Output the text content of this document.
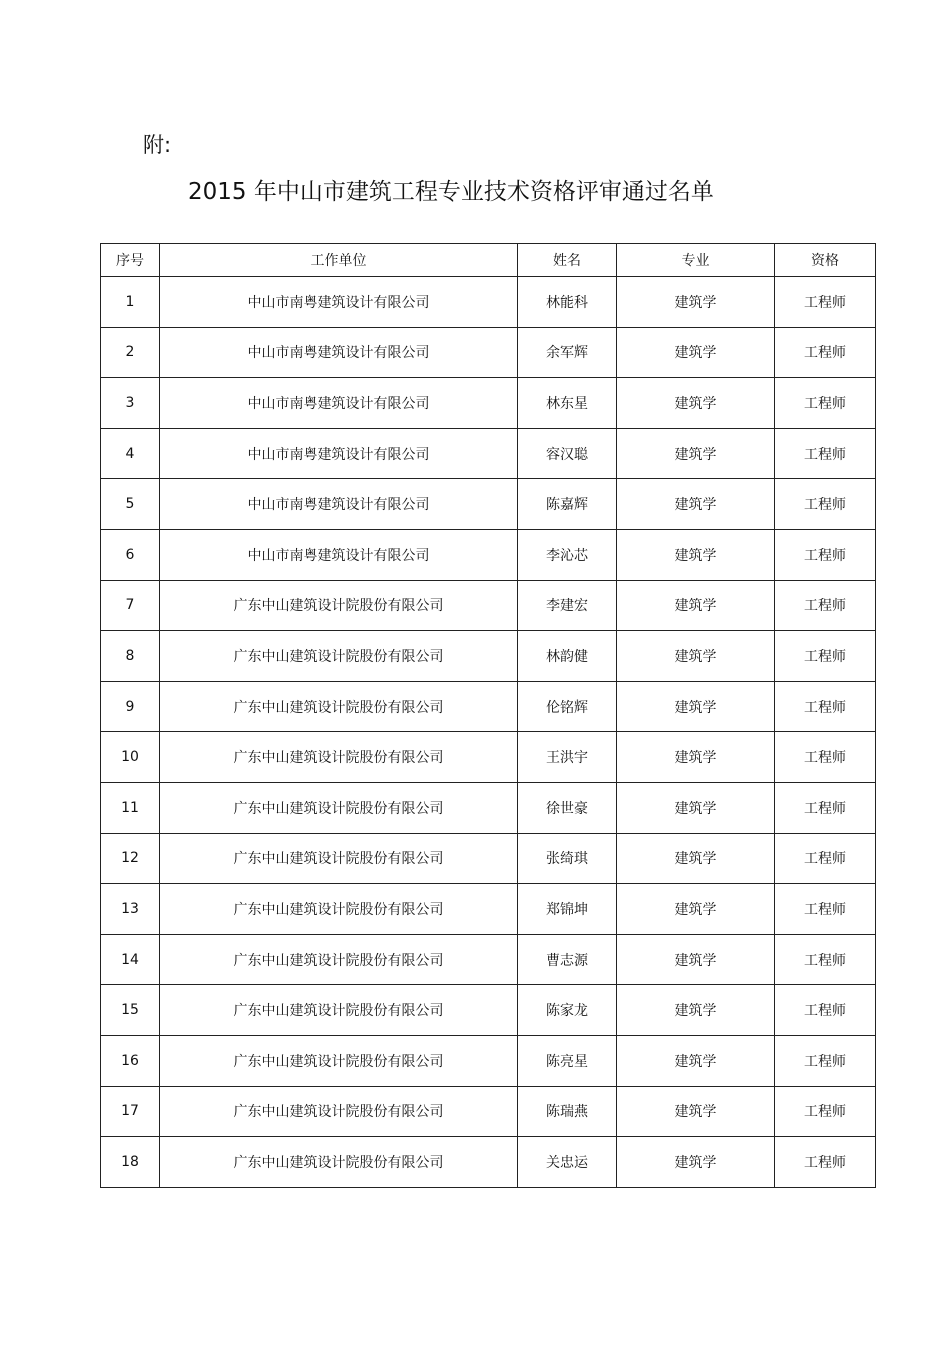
附:
2015 年中山市建筑工程专业技术资格评审通过名单
序号	工作单位	姓名	专业	资格
1	中山市南粤建筑设计有限公司	林能科	建筑学	工程师
2	中山市南粤建筑设计有限公司	余军辉	建筑学	工程师
3	中山市南粤建筑设计有限公司	林东星	建筑学	工程师
4	中山市南粤建筑设计有限公司	容汉聪	建筑学	工程师
5	中山市南粤建筑设计有限公司	陈嘉辉	建筑学	工程师
6	中山市南粤建筑设计有限公司	李沁芯	建筑学	工程师
7	广东中山建筑设计院股份有限公司	李建宏	建筑学	工程师
8	广东中山建筑设计院股份有限公司	林韵健	建筑学	工程师
9	广东中山建筑设计院股份有限公司	伦铭辉	建筑学	工程师
10	广东中山建筑设计院股份有限公司	王洪宇	建筑学	工程师
11	广东中山建筑设计院股份有限公司	徐世豪	建筑学	工程师
12	广东中山建筑设计院股份有限公司	张绮琪	建筑学	工程师
13	广东中山建筑设计院股份有限公司	郑锦坤	建筑学	工程师
14	广东中山建筑设计院股份有限公司	曹志源	建筑学	工程师
15	广东中山建筑设计院股份有限公司	陈家龙	建筑学	工程师
16	广东中山建筑设计院股份有限公司	陈亮星	建筑学	工程师
17	广东中山建筑设计院股份有限公司	陈瑞燕	建筑学	工程师
18	广东中山建筑设计院股份有限公司	关忠运	建筑学	工程师
